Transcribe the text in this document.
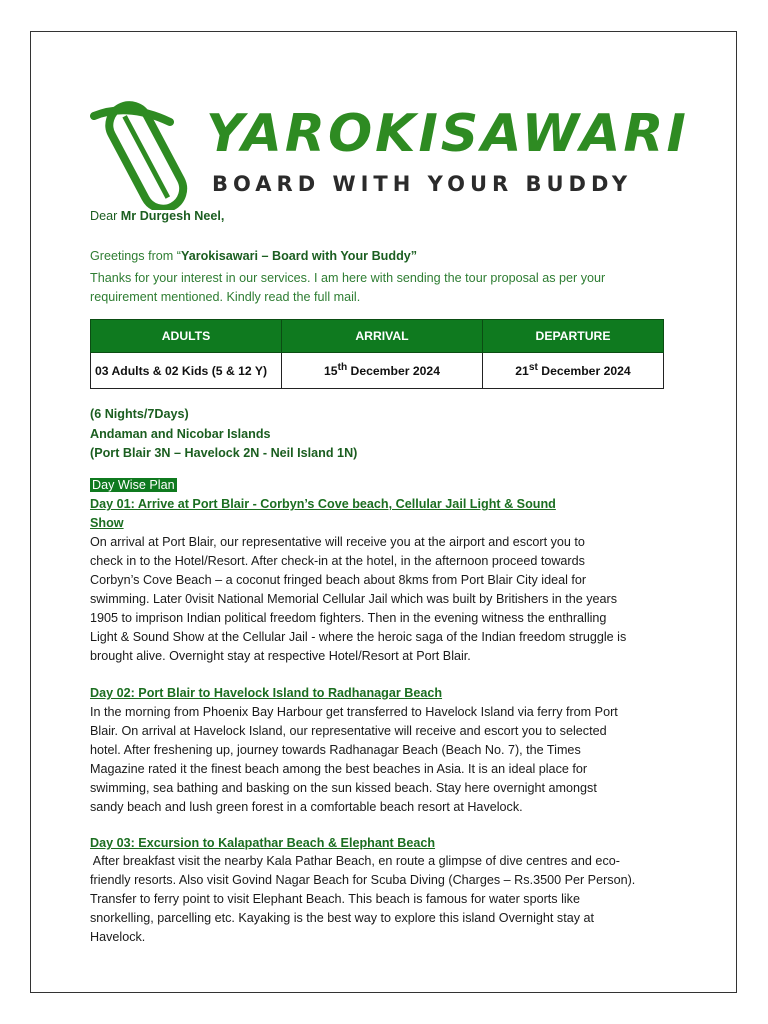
YAROKISAWARI
BOARD WITH YOUR BUDDY
Dear Mr Durgesh Neel,
Greetings from “Yarokisawari – Board with Your Buddy”
Thanks for your interest in our services. I am here with sending the tour proposal as per your
requirement mentioned. Kindly read the full mail.
ADULTS	ARRIVAL	DEPARTURE
03 Adults & 02 Kids (5 & 12 Y)	15th December 2024	21st December 2024
(6 Nights/7Days)
Andaman and Nicobar Islands
(Port Blair 3N – Havelock 2N - Neil Island 1N)
Day Wise Plan
Day 01: Arrive at Port Blair - Corbyn’s Cove beach, Cellular Jail Light & Sound
Show

On arrival at Port Blair, our representative will receive you at the airport and escort you to

check in to the Hotel/Resort. After check-in at the hotel, in the afternoon proceed towards

Corbyn’s Cove Beach – a coconut fringed beach about 8kms from Port Blair City ideal for

swimming. Later 0visit National Memorial Cellular Jail which was built by Britishers in the years

1905 to imprison Indian political freedom fighters. Then in the evening witness the enthralling

Light & Sound Show at the Cellular Jail - where the heroic saga of the Indian freedom struggle is

brought alive. Overnight stay at respective Hotel/Resort at Port Blair.

Day 02: Port Blair to Havelock Island to Radhanagar Beach

In the morning from Phoenix Bay Harbour get transferred to Havelock Island via ferry from Port

Blair. On arrival at Havelock Island, our representative will receive and escort you to selected

hotel. After freshening up, journey towards Radhanagar Beach (Beach No. 7), the Times

Magazine rated it the finest beach among the best beaches in Asia. It is an ideal place for

swimming, sea bathing and basking on the sun kissed beach. Stay here overnight amongst

sandy beach and lush green forest in a comfortable beach resort at Havelock.

Day 03: Excursion to Kalapathar Beach & Elephant Beach

After breakfast visit the nearby Kala Pathar Beach, en route a glimpse of dive centres and eco-

friendly resorts. Also visit Govind Nagar Beach for Scuba Diving (Charges – Rs.3500 Per Person).

Transfer to ferry point to visit Elephant Beach. This beach is famous for water sports like

snorkelling, parcelling etc. Kayaking is the best way to explore this island Overnight stay at

Havelock.
